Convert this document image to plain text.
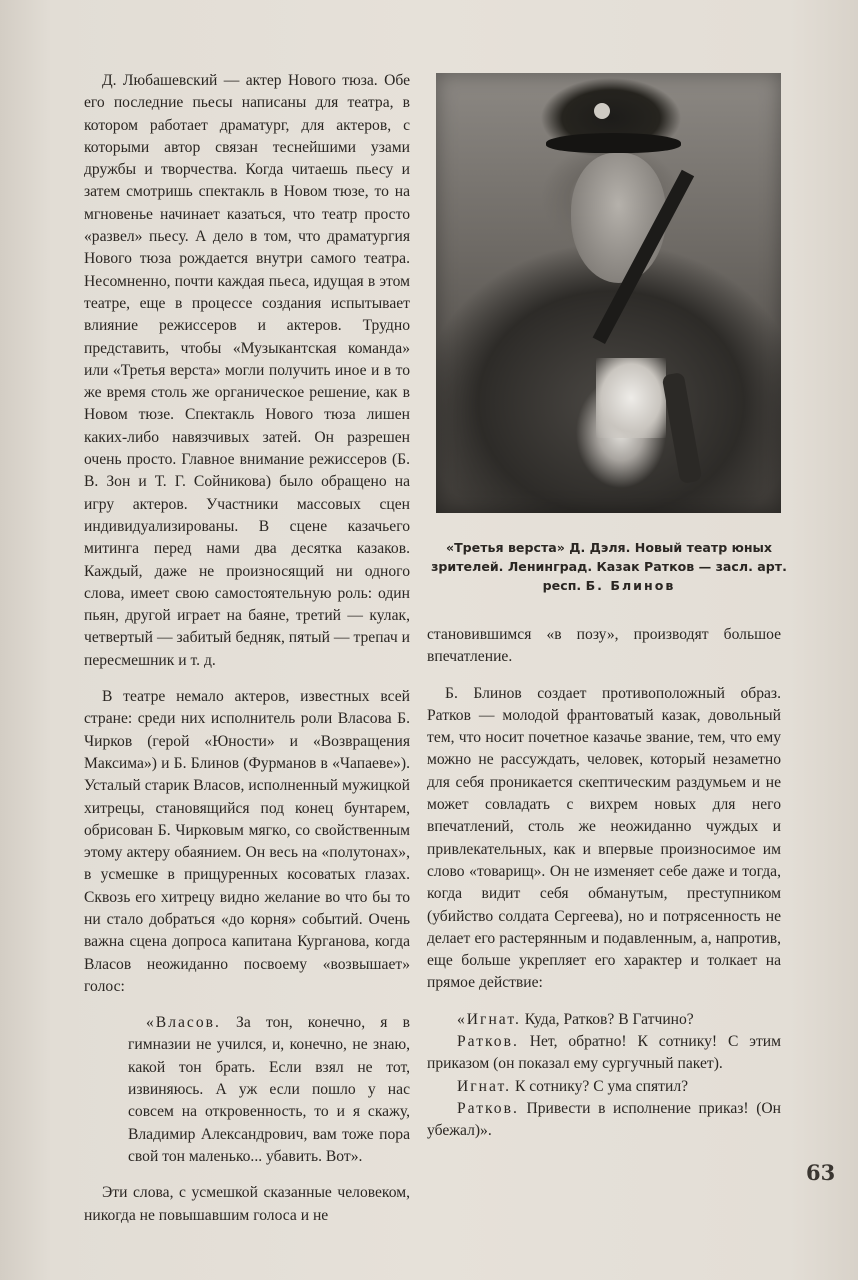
Д. Любашевский — актер Нового тюза. Обе его последние пьесы написаны для театра, в котором работает драматург, для актеров, с которыми автор связан теснейшими узами дружбы и творчества. Когда читаешь пьесу и затем смотришь спектакль в Новом тюзе, то на мгновенье начинает казаться, что театр просто «развел» пьесу. А дело в том, что драматургия Нового тюза рождается внутри самого театра. Несомненно, почти каждая пьеса, идущая в этом театре, еще в процессе создания испытывает влияние режиссеров и актеров. Трудно представить, чтобы «Музыкантская команда» или «Третья верста» могли получить иное и в то же время столь же органическое решение, как в Новом тюзе. Спектакль Нового тюза лишен каких-либо навязчивых затей. Он разрешен очень просто. Главное внимание режиссеров (Б. В. Зон и Т. Г. Сойникова) было обращено на игру актеров. Участники массовых сцен индивидуализированы. В сцене казачьего митинга перед нами два десятка казаков. Каждый, даже не произносящий ни одного слова, имеет свою самостоятельную роль: один пьян, другой играет на баяне, третий — кулак, четвертый — забитый бедняк, пятый — трепач и пересмешник и т. д.

В театре немало актеров, известных всей стране: среди них исполнитель роли Власова Б. Чирков (герой «Юности» и «Возвращения Максима») и Б. Блинов (Фурманов в «Чапаеве»). Усталый старик Власов, исполненный мужицкой хитрецы, становящийся под конец бунтарем, обрисован Б. Чирковым мягко, со свойственным этому актеру обаянием. Он весь на «полутонах», в усмешке в прищуренных косоватых глазах. Сквозь его хитрецу видно желание во что бы то ни стало добраться «до корня» событий. Очень важна сцена допроса капитана Курганова, когда Власов неожиданно посвоему «возвышает» голос:

«Власов. За тон, конечно, я в гимназии не учился, и, конечно, не знаю, какой тон брать. Если взял не тот, извиняюсь. А уж если пошло у нас совсем на откровенность, то и я скажу, Владимир Александрович, вам тоже пора свой тон маленько... убавить. Вот».

Эти слова, с усмешкой сказанные человеком, никогда не повышавшим голоса и не

«Третья верста» Д. Дэля. Новый театр юных зрителей. Ленинград. Казак Ратков — засл. арт. респ. Б. Блинов

становившимся «в позу», производят большое впечатление.

Б. Блинов создает противоположный образ. Ратков — молодой франтоватый казак, довольный тем, что носит почетное казачье звание, тем, что ему можно не рассуждать, человек, который незаметно для себя проникается скептическим раздумьем и не может совладать с вихрем новых для него впечатлений, столь же неожиданно чуждых и привлекательных, как и впервые произносимое им слово «товарищ». Он не изменяет себе даже и тогда, когда видит себя обманутым, преступником (убийство солдата Сергеева), но и потрясенность не делает его растерянным и подавленным, а, напротив, еще больше укрепляет его характер и толкает на прямое действие:

«Игнат. Куда, Ратков? В Гатчино?

Ратков. Нет, обратно! К сотнику! С этим приказом (он показал ему сургучный пакет).

Игнат. К сотнику? С ума спятил?

Ратков. Привести в исполнение приказ! (Он убежал)».

63
